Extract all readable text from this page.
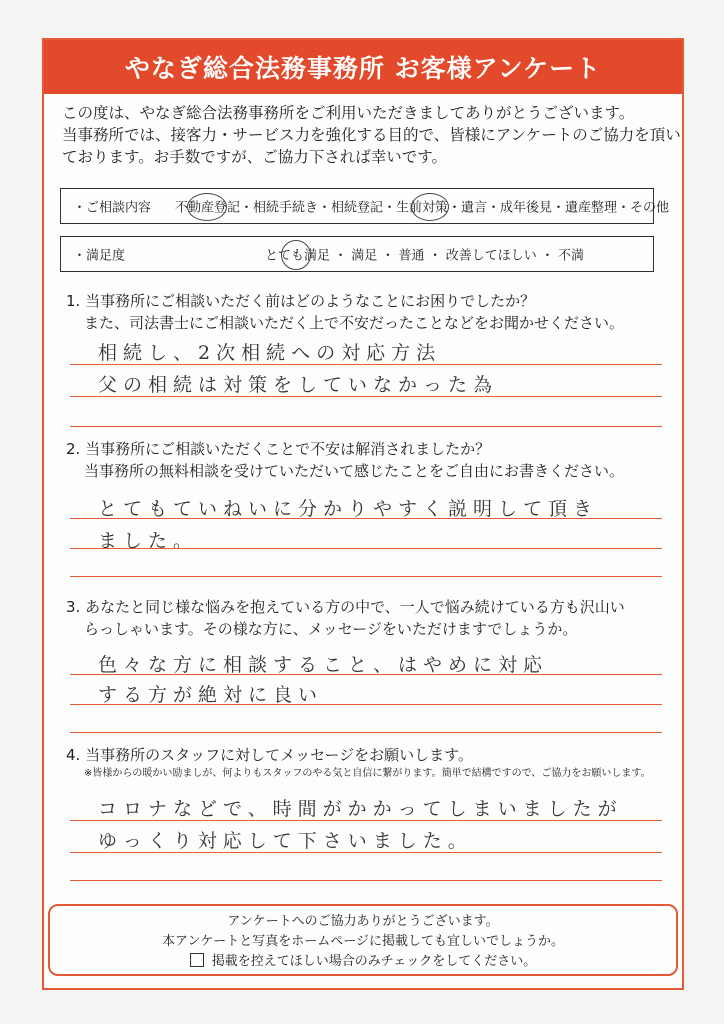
やなぎ総合法務事務所 お客様アンケート
この度は、やなぎ総合法務事務所をご利用いただきましてありがとうございます。
当事務所では、接客力・サービス力を強化する目的で、皆様にアンケートのご協力を頂い
ております。お手数ですが、ご協力下されば幸いです。
・ご相談内容 不動産登記・相続手続き・相続登記・生前対策・遺言・成年後見・遺産整理・その他
・満足度	とても満足 ・ 満足 ・ 普通 ・ 改善してほしい ・ 不満
1. 当事務所にご相談いただく前はどのようなことにお困りでしたか？
また、司法書士にご相談いただく上で不安だったことなどをお聞かせください。
相続し、2次相続への対応方法
父の相続は対策をしていなかった為
2. 当事務所にご相談いただくことで不安は解消されましたか？
当事務所の無料相談を受けていただいて感じたことをご自由にお書きください。
とてもていねいに分かりやすく説明して頂き
ました。
3. あなたと同じ様な悩みを抱えている方の中で、一人で悩み続けている方も沢山い
らっしゃいます。その様な方に、メッセージをいただけますでしょうか。
色々な方に相談すること、はやめに対応
する方が絶対に良い
4. 当事務所のスタッフに対してメッセージをお願いします。
※皆様からの暖かい励ましが、何よりもスタッフのやる気と自信に繋がります。簡単で結構ですので、ご協力をお願いします。
コロナなどで、時間がかかってしまいましたが
ゆっくり対応して下さいました。
アンケートへのご協力ありがとうございます。
本アンケートと写真をホームページに掲載しても宜しいでしょうか。
掲載を控えてほしい場合のみチェックをしてください。
